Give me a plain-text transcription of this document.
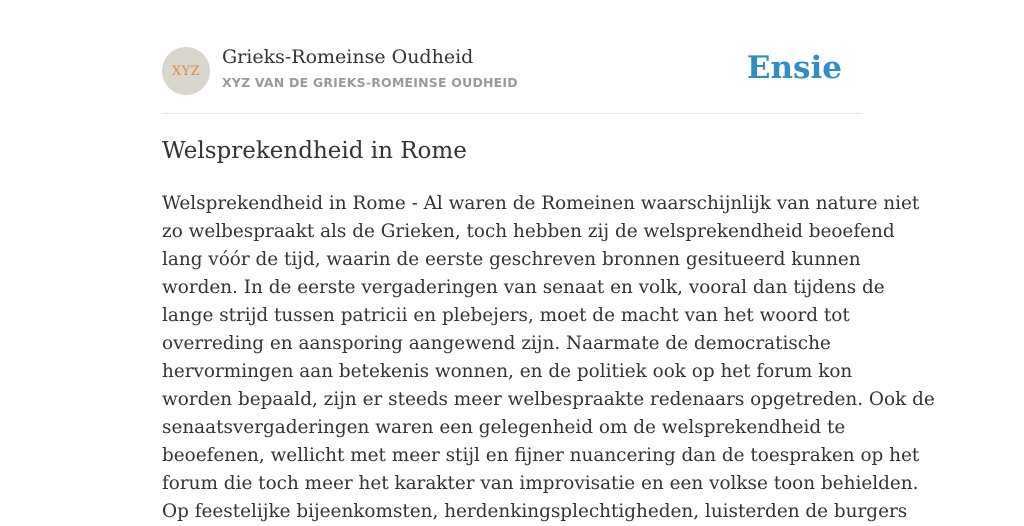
XYZ
Grieks-Romeinse Oudheid
XYZ VAN DE GRIEKS-ROMEINSE OUDHEID	Ensie
Welsprekendheid in Rome

Welsprekendheid in Rome - Al waren de Romeinen waarschijnlijk van nature niet
zo welbespraakt als de Grieken, toch hebben zij de welsprekendheid beoefend
lang vóór de tijd, waarin de eerste geschreven bronnen gesitueerd kunnen
worden. In de eerste vergaderingen van senaat en volk, vooral dan tijdens de
lange strijd tussen patricii en plebejers, moet de macht van het woord tot
overreding en aansporing aangewend zijn. Naarmate de democratische
hervormingen aan betekenis wonnen, en de politiek ook op het forum kon
worden bepaald, zijn er steeds meer welbespraakte redenaars opgetreden. Ook de
senaatsvergaderingen waren een gelegenheid om de welsprekendheid te
beoefenen, wellicht met meer stijl en fijner nuancering dan de toespraken op het
forum die toch meer het karakter van improvisatie en een volkse toon behielden.
Op feestelijke bijeenkomsten, herdenkingsplechtigheden, luisterden de burgers
